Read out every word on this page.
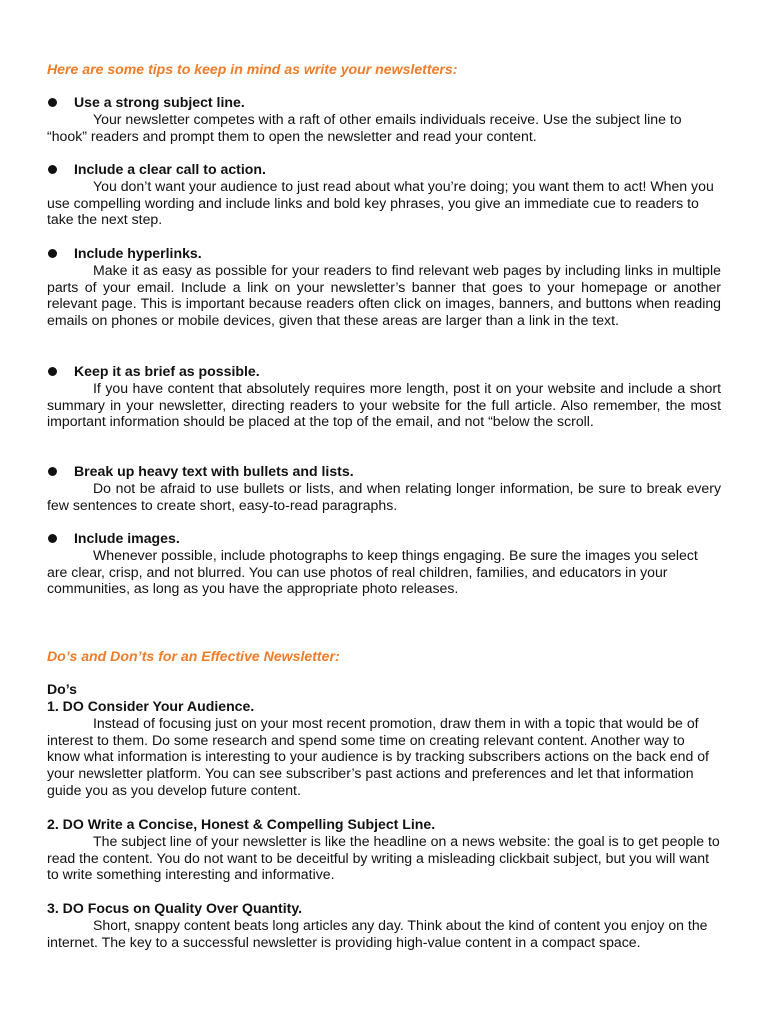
Here are some tips to keep in mind as write your newsletters:
Use a strong subject line.

Your newsletter competes with a raft of other emails individuals receive. Use the subject line to “hook” readers and prompt them to open the newsletter and read your content.

Include a clear call to action.

You don’t want your audience to just read about what you’re doing; you want them to act! When you use compelling wording and include links and bold key phrases, you give an immediate cue to readers to take the next step.

Include hyperlinks.

Make it as easy as possible for your readers to find relevant web pages by including links in multiple parts of your email. Include a link on your newsletter’s banner that goes to your homepage or another relevant page. This is important because readers often click on images, banners, and buttons when reading emails on phones or mobile devices, given that these areas are larger than a link in the text.

Keep it as brief as possible.

If you have content that absolutely requires more length, post it on your website and include a short summary in your newsletter, directing readers to your website for the full article. Also remember, the most important information should be placed at the top of the email, and not “below the scroll.

Break up heavy text with bullets and lists.

Do not be afraid to use bullets or lists, and when relating longer information, be sure to break every few sentences to create short, easy-to-read paragraphs.

Include images.

Whenever possible, include photographs to keep things engaging. Be sure the images you select are clear, crisp, and not blurred. You can use photos of real children, families, and educators in your communities, as long as you have the appropriate photo releases.

Do’s and Don’ts for an Effective Newsletter:
Do’s
1. DO Consider Your Audience.

Instead of focusing just on your most recent promotion, draw them in with a topic that would be of interest to them. Do some research and spend some time on creating relevant content. Another way to know what information is interesting to your audience is by tracking subscribers actions on the back end of your newsletter platform. You can see subscriber’s past actions and preferences and let that information guide you as you develop future content.

2. DO Write a Concise, Honest & Compelling Subject Line.

The subject line of your newsletter is like the headline on a news website: the goal is to get people to read the content. You do not want to be deceitful by writing a misleading clickbait subject, but you will want to write something interesting and informative.

3. DO Focus on Quality Over Quantity.

Short, snappy content beats long articles any day. Think about the kind of content you enjoy on the internet. The key to a successful newsletter is providing high-value content in a compact space.
